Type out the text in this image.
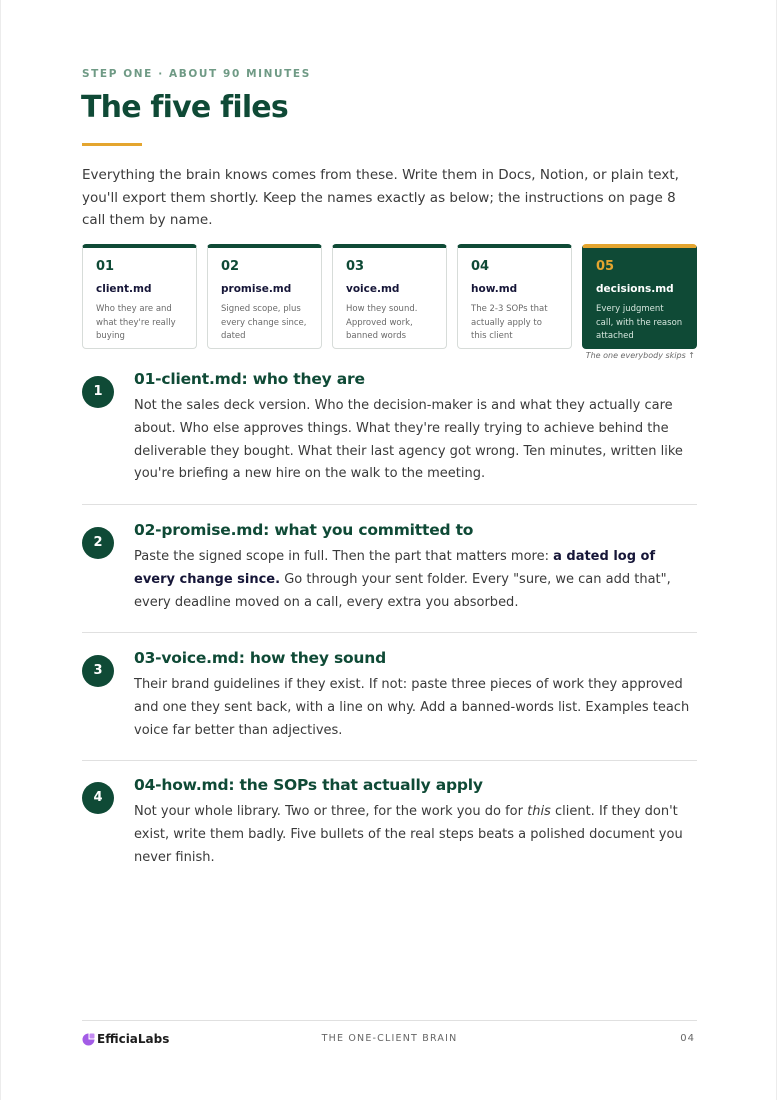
STEP ONE · ABOUT 90 MINUTES
The five files

Everything the brain knows comes from these. Write them in Docs, Notion, or plain text, you'll export them shortly. Keep the names exactly as below; the instructions on page 8 call them by name.

01
client.md
Who they are and what they're really buying
02
promise.md
Signed scope, plus every change since, dated
03
voice.md
How they sound. Approved work, banned words
04
how.md
The 2-3 SOPs that actually apply to this client
05
decisions.md
Every judgment call, with the reason attached
The one everybody skips ↑
1
01-client.md: who they are

Not the sales deck version. Who the decision-maker is and what they actually care about. Who else approves things. What they're really trying to achieve behind the deliverable they bought. What their last agency got wrong. Ten minutes, written like you're briefing a new hire on the walk to the meeting.

2
02-promise.md: what you committed to

Paste the signed scope in full. Then the part that matters more: a dated log of every change since. Go through your sent folder. Every "sure, we can add that", every deadline moved on a call, every extra you absorbed.

3
03-voice.md: how they sound

Their brand guidelines if they exist. If not: paste three pieces of work they approved and one they sent back, with a line on why. Add a banned-words list. Examples teach voice far better than adjectives.

4
04-how.md: the SOPs that actually apply

Not your whole library. Two or three, for the work you do for this client. If they don't exist, write them badly. Five bullets of the real steps beats a polished document you never finish.

EfficiaLabs	THE ONE-CLIENT BRAIN	04
